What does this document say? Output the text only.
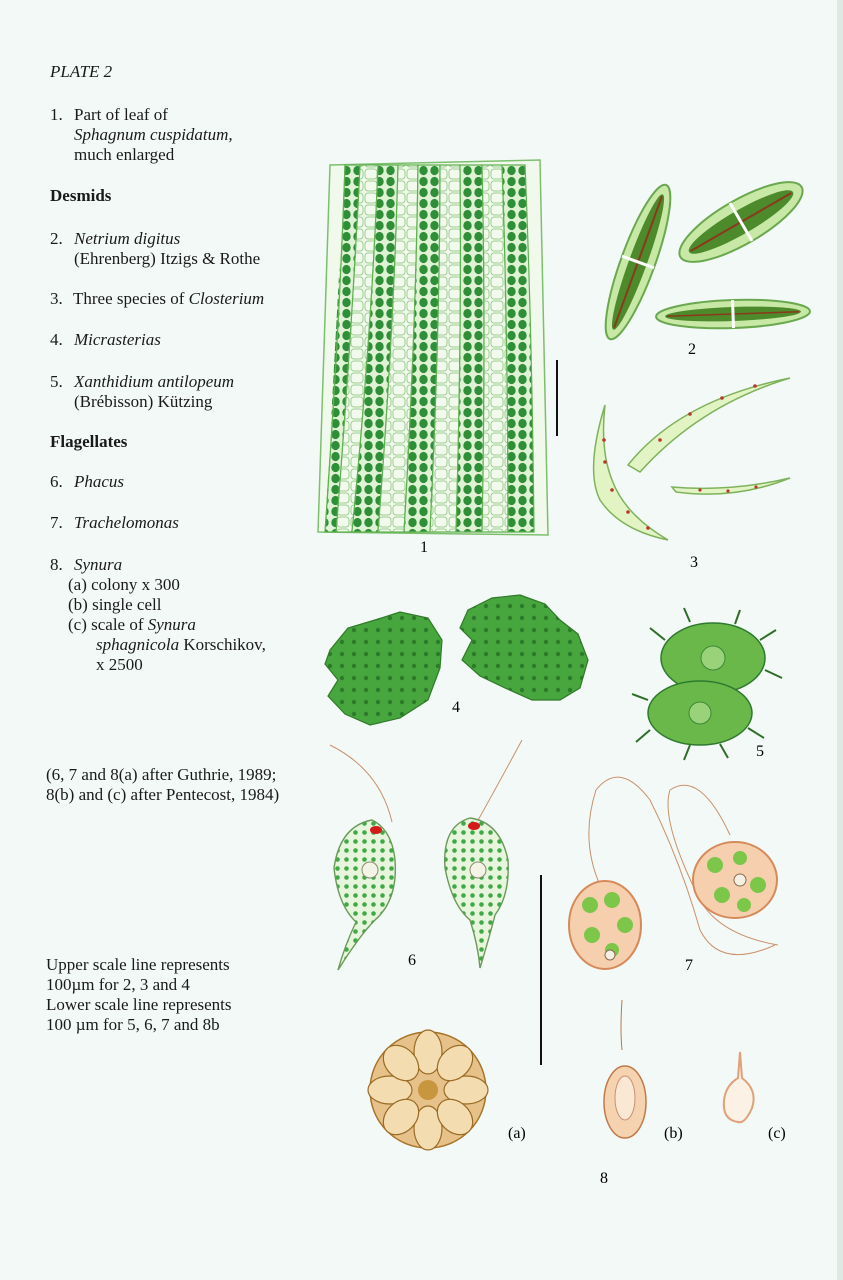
PLATE 2
1. Part of leaf of
Sphagnum cuspidatum,
much enlarged
Desmids
2. Netrium digitus
(Ehrenberg) Itzigs & Rothe
3. Three species of Closterium
4. Micrasterias
5. Xanthidium antilopeum
(Brébisson) Kützing
Flagellates
6. Phacus
7. Trachelomonas
8. Synura
(a) colony x 300
(b) single cell
(c) scale of Synura
sphagnicola Korschikov,
x 2500
(6, 7 and 8(a) after Guthrie, 1989;
8(b) and (c) after Pentecost, 1984)
Upper scale line represents
100µm for 2, 3 and 4
Lower scale line represents
100 µm for 5, 6, 7 and 8b
1
2
3
4
5
6	7
(a)	(b)	(c)
8
